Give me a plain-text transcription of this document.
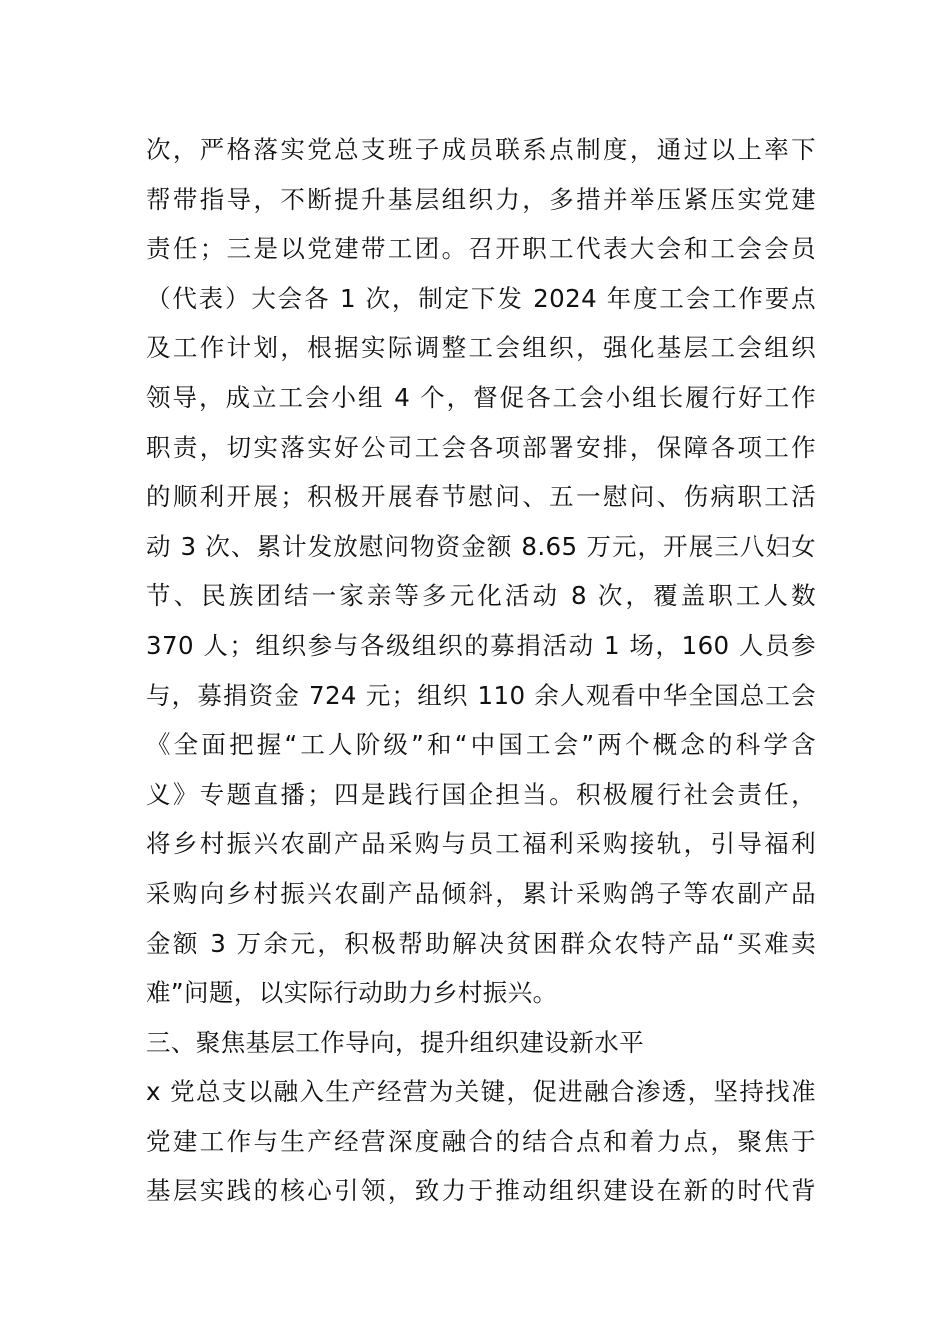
次，严格落实党总支班子成员联系点制度，通过以上率下
帮带指导，不断提升基层组织力，多措并举压紧压实党建
责任；三是以党建带工团。召开职工代表大会和工会会员
（代表）大会各 1 次，制定下发 2024 年度工会工作要点
及工作计划，根据实际调整工会组织，强化基层工会组织
领导，成立工会小组 4 个，督促各工会小组长履行好工作
职责，切实落实好公司工会各项部署安排，保障各项工作
的顺利开展；积极开展春节慰问、五一慰问、伤病职工活
动 3 次、累计发放慰问物资金额 8.65 万元，开展三八妇女
节、民族团结一家亲等多元化活动 8 次，覆盖职工人数
370 人；组织参与各级组织的募捐活动 1 场，160 人员参
与，募捐资金 724 元；组织 110 余人观看中华全国总工会
《全面把握“工人阶级”和“中国工会”两个概念的科学含
义》专题直播；四是践行国企担当。积极履行社会责任，
将乡村振兴农副产品采购与员工福利采购接轨，引导福利
采购向乡村振兴农副产品倾斜，累计采购鸽子等农副产品
金额 3 万余元，积极帮助解决贫困群众农特产品“买难卖
难”问题，以实际行动助力乡村振兴。
三、聚焦基层工作导向，提升组织建设新水平
x 党总支以融入生产经营为关键，促进融合渗透，坚持找准
党建工作与生产经营深度融合的结合点和着力点，聚焦于
基层实践的核心引领，致力于推动组织建设在新的时代背
